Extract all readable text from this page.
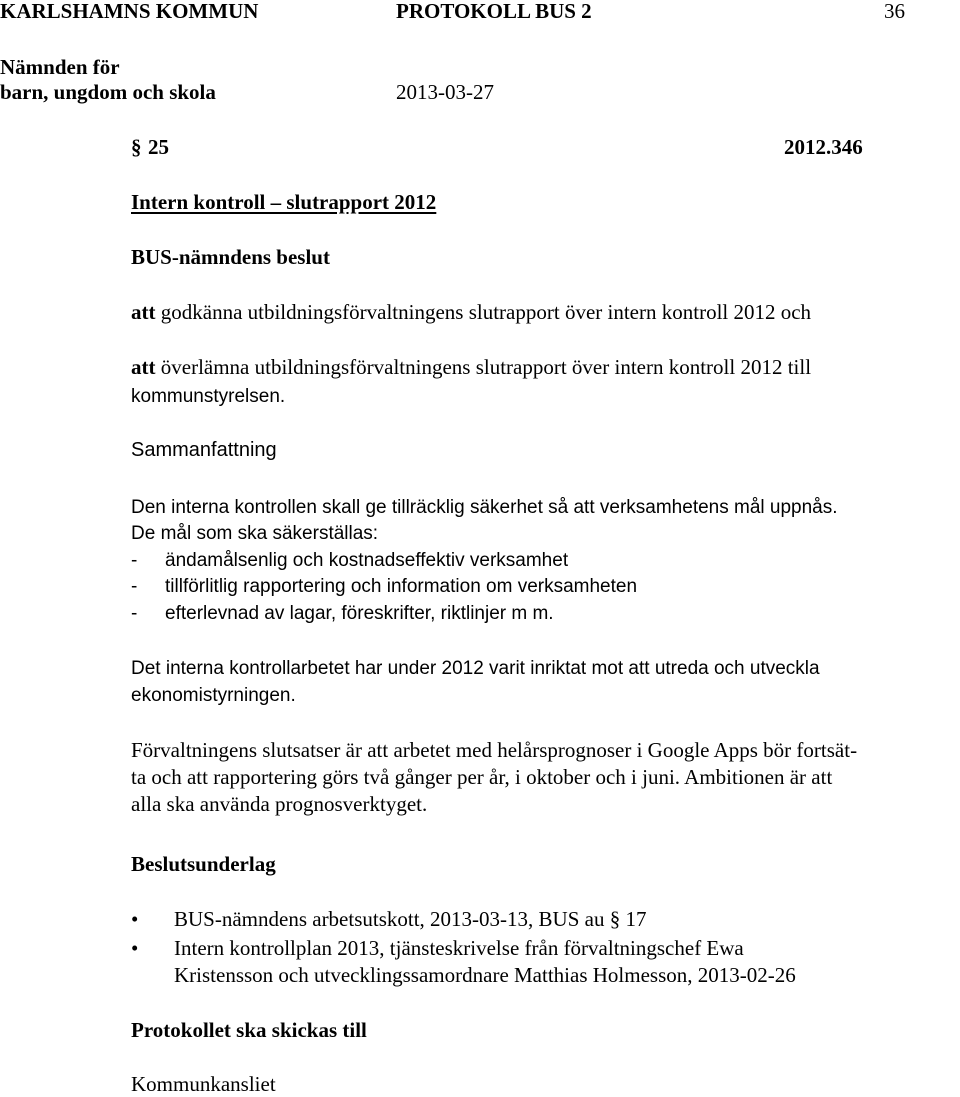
KARLSHAMNS KOMMUN	PROTOKOLL BUS 2	36
Nämnden för
barn, ungdom och skola	2013-03-27
§ 25	2012.346
Intern kontroll – slutrapport 2012
BUS-nämndens beslut
att godkänna utbildningsförvaltningens slutrapport över intern kontroll 2012 och
att överlämna utbildningsförvaltningens slutrapport över intern kontroll 2012 till
kommunstyrelsen.
Sammanfattning
Den interna kontrollen skall ge tillräcklig säkerhet så att verksamhetens mål uppnås.
De mål som ska säkerställas:
- ändamålsenlig och kostnadseffektiv verksamhet
- tillförlitlig rapportering och information om verksamheten
- efterlevnad av lagar, föreskrifter, riktlinjer m m.
Det interna kontrollarbetet har under 2012 varit inriktat mot att utreda och utveckla
ekonomistyrningen.
Förvaltningens slutsatser är att arbetet med helårsprognoser i Google Apps bör fortsät-
ta och att rapportering görs två gånger per år, i oktober och i juni. Ambitionen är att
alla ska använda prognosverktyget.
Beslutsunderlag
•	BUS-nämndens arbetsutskott, 2013-03-13, BUS au § 17
•	Intern kontrollplan 2013, tjänsteskrivelse från förvaltningschef Ewa
Kristensson och utvecklingssamordnare Matthias Holmesson, 2013-02-26
Protokollet ska skickas till
Kommunkansliet
